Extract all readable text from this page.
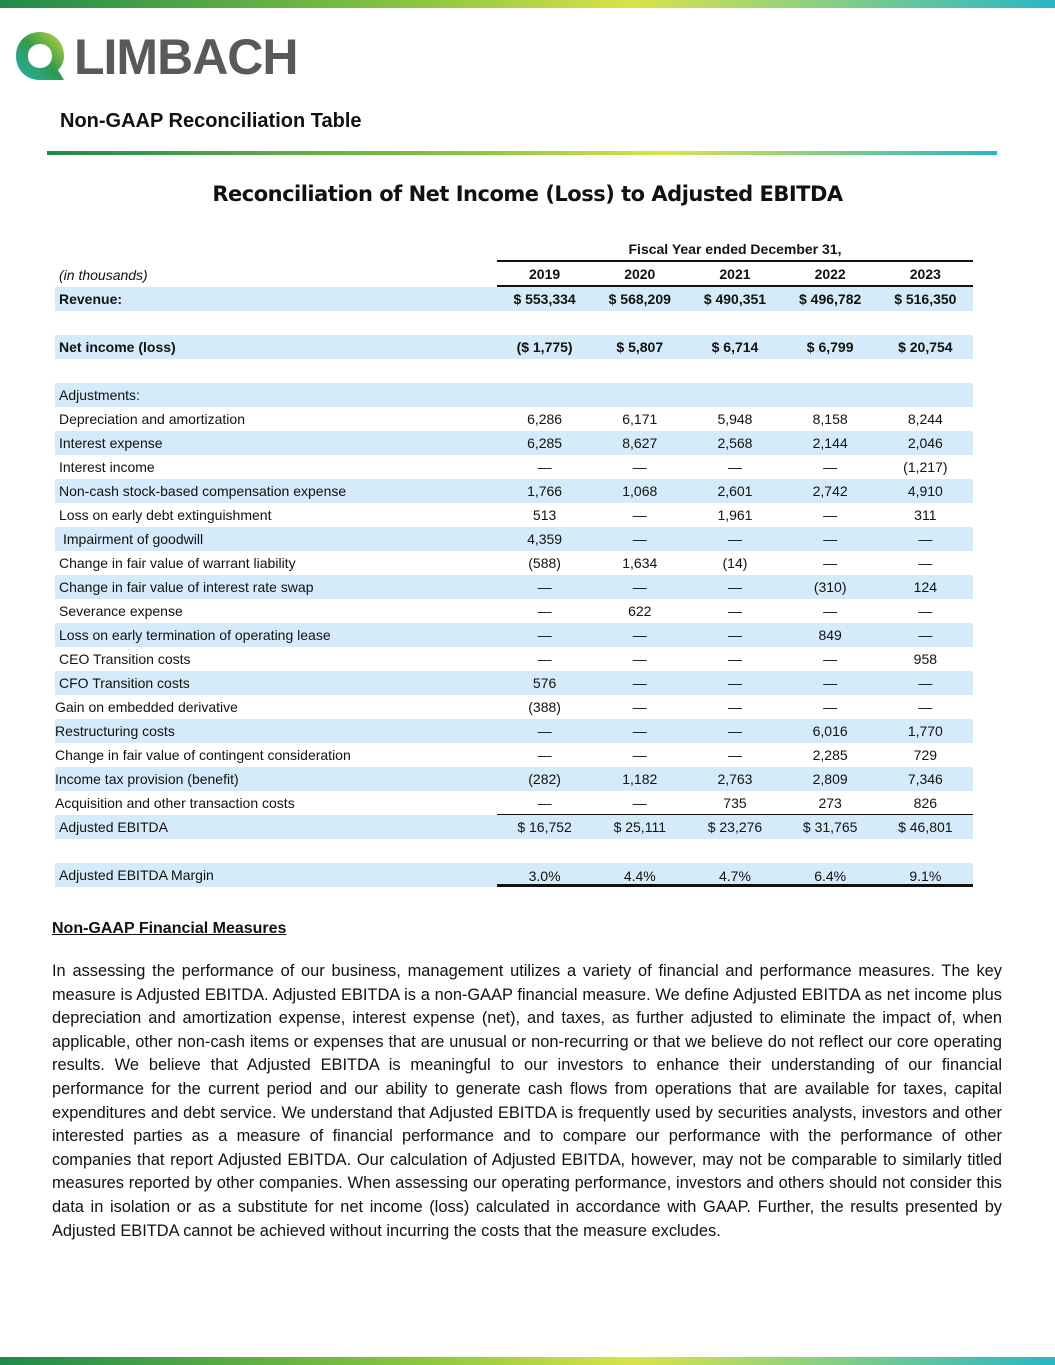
LIMBACH
Non-GAAP Reconciliation Table
Reconciliation of Net Income (Loss) to Adjusted EBITDA
Fiscal Year ended December 31,
(in thousands)	2019	2020	2021	2022	2023
Revenue:	$ 553,334	$ 568,209	$ 490,351	$ 496,782	$ 516,350
Net income (loss)	($ 1,775)	$ 5,807	$ 6,714	$ 6,799	$ 20,754
Adjustments:
Depreciation and amortization	6,286	6,171	5,948	8,158	8,244
Interest expense	6,285	8,627	2,568	2,144	2,046
Interest income	—	—	—	—	(1,217)
Non-cash stock-based compensation expense	1,766	1,068	2,601	2,742	4,910
Loss on early debt extinguishment	513	—	1,961	—	311
Impairment of goodwill	4,359	—	—	—	—
Change in fair value of warrant liability	(588)	1,634	(14)	—	—
Change in fair value of interest rate swap	—	—	—	(310)	124
Severance expense	—	622	—	—	—
Loss on early termination of operating lease	—	—	—	849	—
CEO Transition costs	—	—	—	—	958
CFO Transition costs	576	—	—	—	—
Gain on embedded derivative	(388)	—	—	—	—
Restructuring costs	—	—	—	6,016	1,770
Change in fair value of contingent consideration	—	—	—	2,285	729
Income tax provision (benefit)	(282)	1,182	2,763	2,809	7,346
Acquisition and other transaction costs	—	—	735	273	826
Adjusted EBITDA	$ 16,752	$ 25,111	$ 23,276	$ 31,765	$ 46,801
Adjusted EBITDA Margin	3.0%	4.4%	4.7%	6.4%	9.1%
Non-GAAP Financial Measures
In assessing the performance of our business, management utilizes a variety of financial and performance measures. The key measure is Adjusted EBITDA. Adjusted EBITDA is a non-GAAP financial measure. We define Adjusted EBITDA as net income plus depreciation and amortization expense, interest expense (net), and taxes, as further adjusted to eliminate the impact of, when applicable, other non-cash items or expenses that are unusual or non-recurring or that we believe do not reflect our core operating results. We believe that Adjusted EBITDA is meaningful to our investors to enhance their understanding of our financial performance for the current period and our ability to generate cash flows from operations that are available for taxes, capital expenditures and debt service. We understand that Adjusted EBITDA is frequently used by securities analysts, investors and other interested parties as a measure of financial performance and to compare our performance with the performance of other companies that report Adjusted EBITDA. Our calculation of Adjusted EBITDA, however, may not be comparable to similarly titled measures reported by other companies. When assessing our operating performance, investors and others should not consider this data in isolation or as a substitute for net income (loss) calculated in accordance with GAAP. Further, the results presented by Adjusted EBITDA cannot be achieved without incurring the costs that the measure excludes.
